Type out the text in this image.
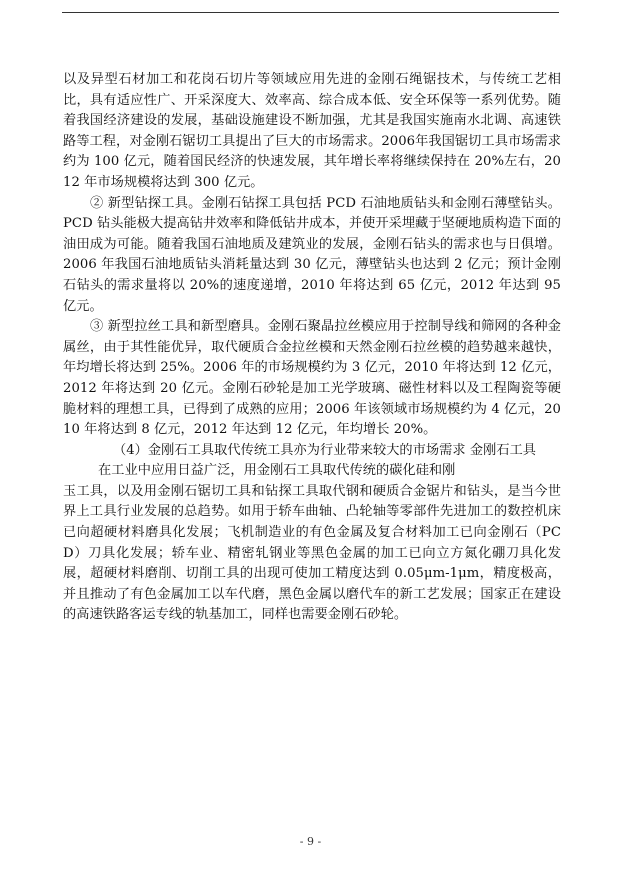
以及异型石材加工和花岗石切片等领域应用先进的金刚石绳锯技术，与传统工艺相比，具有适应性广、开采深度大、效率高、综合成本低、安全环保等一系列优势。随着我国经济建设的发展，基础设施建设不断加强，尤其是我国实施南水北调、高速铁路等工程，对金刚石锯切工具提出了巨大的市场需求。2006年我国锯切工具市场需求约为 100 亿元，随着国民经济的快速发展，其年增长率将继续保持在 20%左右，2012 年市场规模将达到 300 亿元。

② 新型钻探工具。金刚石钻探工具包括 PCD 石油地质钻头和金刚石薄壁钻头。PCD 钻头能极大提高钻井效率和降低钻井成本，并使开采埋藏于坚硬地质构造下面的油田成为可能。随着我国石油地质及建筑业的发展，金刚石钻头的需求也与日俱增。2006 年我国石油地质钻头消耗量达到 30 亿元，薄壁钻头也达到 2 亿元；预计金刚石钻头的需求量将以 20%的速度递增，2010 年将达到 65 亿元，2012 年达到 95 亿元。

③ 新型拉丝工具和新型磨具。金刚石聚晶拉丝模应用于控制导线和筛网的各种金属丝，由于其性能优异，取代硬质合金拉丝模和天然金刚石拉丝模的趋势越来越快，年均增长将达到 25%。2006 年的市场规模约为 3 亿元，2010 年将达到 12 亿元，2012 年将达到 20 亿元。金刚石砂轮是加工光学玻璃、磁性材料以及工程陶瓷等硬脆材料的理想工具，已得到了成熟的应用；2006 年该领域市场规模约为 4 亿元，2010 年将达到 8 亿元，2012 年达到 12 亿元，年均增长 20%。

（4）金刚石工具取代传统工具亦为行业带来较大的市场需求 金刚石工具

在工业中应用日益广泛，用金刚石工具取代传统的碳化硅和刚

玉工具，以及用金刚石锯切工具和钻探工具取代钢和硬质合金锯片和钻头，是当今世界上工具行业发展的总趋势。如用于轿车曲轴、凸轮轴等零部件先进加工的数控机床已向超硬材料磨具化发展；飞机制造业的有色金属及复合材料加工已向金刚石（PCD）刀具化发展；轿车业、精密轧钢业等黑色金属的加工已向立方氮化硼刀具化发展，超硬材料磨削、切削工具的出现可使加工精度达到 0.05μm-1μm，精度极高，并且推动了有色金属加工以车代磨，黑色金属以磨代车的新工艺发展；国家正在建设的高速铁路客运专线的轨基加工，同样也需要金刚石砂轮。

- 9 -
